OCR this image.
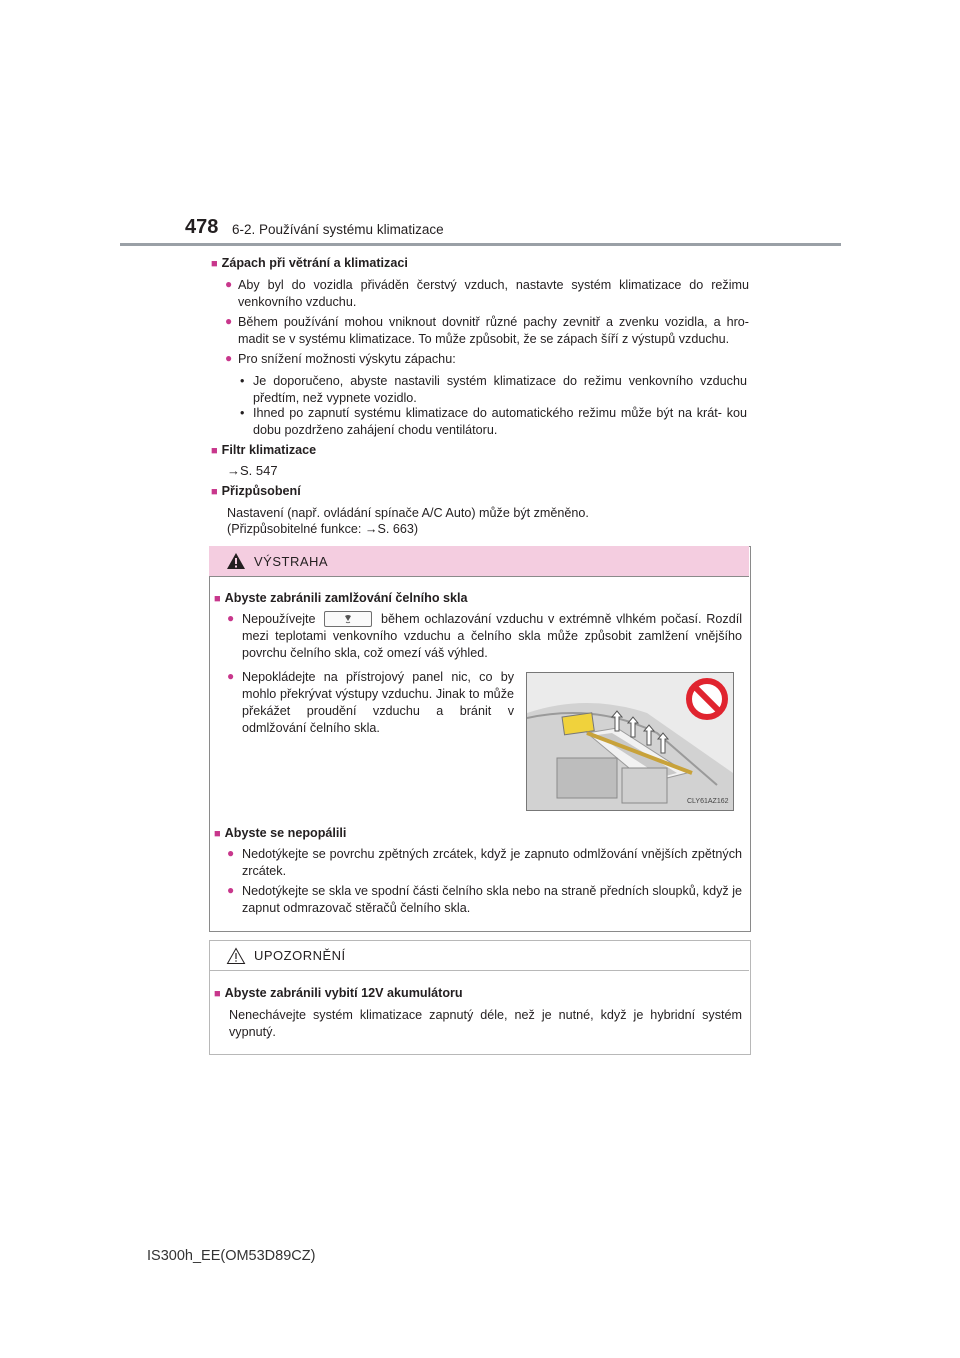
478 6-2. Používání systému klimatizace
■ Zápach při větrání a klimatizaci
● Aby byl do vozidla přiváděn čerstvý vzduch, nastavte systém klimatizace do režimu venkovního vzduchu.
● Během používání mohou vniknout dovnitř různé pachy zevnitř a zvenku vozidla, a hro- madit se v systému klimatizace. To může způsobit, že se zápach šíří z výstupů vzduchu.
● Pro snížení možnosti výskytu zápachu:
• Je doporučeno, abyste nastavili systém klimatizace do režimu venkovního vzduchu předtím, než vypnete vozidlo.
• Ihned po zapnutí systému klimatizace do automatického režimu může být na krát- kou dobu pozdrženo zahájení chodu ventilátoru.
■ Filtr klimatizace
→S. 547
■ Přizpůsobení
Nastavení (např. ovládání spínače A/C Auto) může být změněno.
(Přizpůsobitelné funkce: →S. 663)
VÝSTRAHA
■ Abyste zabránili zamlžování čelního skla
● Nepoužívejte	během ochlazování vzduchu v extrémně vlhkém počasí. Rozdíl mezi teplotami venkovního vzduchu a čelního skla může způsobit zamlžení vnějšího povrchu čelního skla, což omezí váš výhled.
● Nepokládejte na přístrojový panel nic, co by mohlo překrývat výstupy vzduchu. Jinak to může překážet proudění vzduchu a bránit v odmlžování čelního skla.
CLY61AZ162
■ Abyste se nepopálili
● Nedotýkejte se povrchu zpětných zrcátek, když je zapnuto odmlžování vnějších zpětných zrcátek.
● Nedotýkejte se skla ve spodní části čelního skla nebo na straně předních sloupků, když je zapnut odmrazovač stěračů čelního skla.
UPOZORNĚNÍ
■ Abyste zabránili vybití 12V akumulátoru
Nenechávejte systém klimatizace zapnutý déle, než je nutné, když je hybridní systém vypnutý.
IS300h_EE(OM53D89CZ)
